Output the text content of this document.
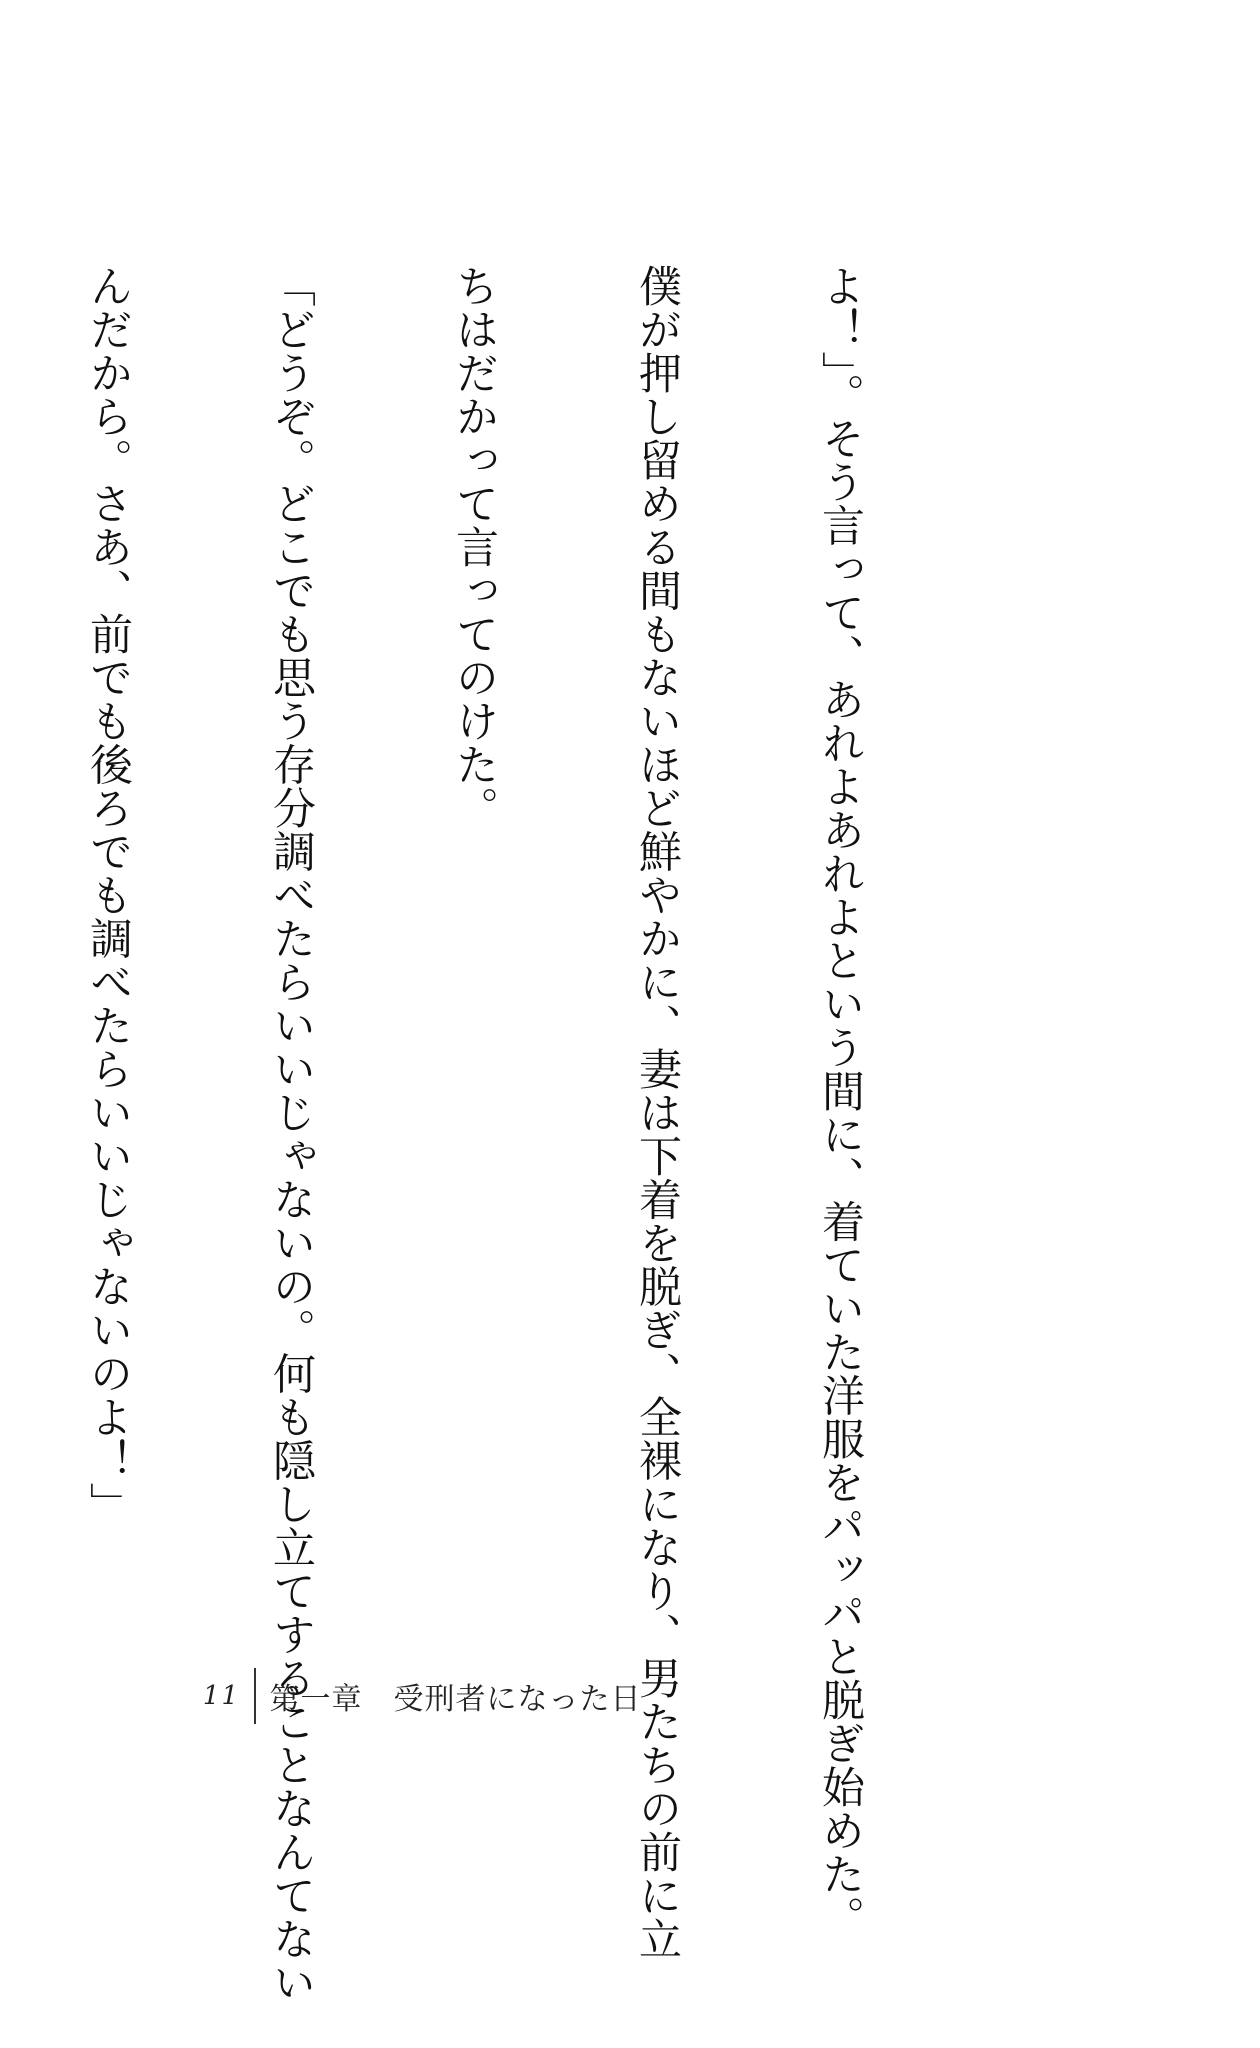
よ！」。そう言って、あれよあれよという間に、着ていた洋服をパッパと脱ぎ始めた。

僕が押し留める間もないほど鮮やかに、妻は下着を脱ぎ、全裸になり、男たちの前に立

ちはだかって言ってのけた。

「どうぞ。どこでも思う存分調べたらいいじゃないの。何も隠し立てすることなんてない

んだから。さあ、前でも後ろでも調べたらいいじゃないのよ！」

11 第一章　受刑者になった日
